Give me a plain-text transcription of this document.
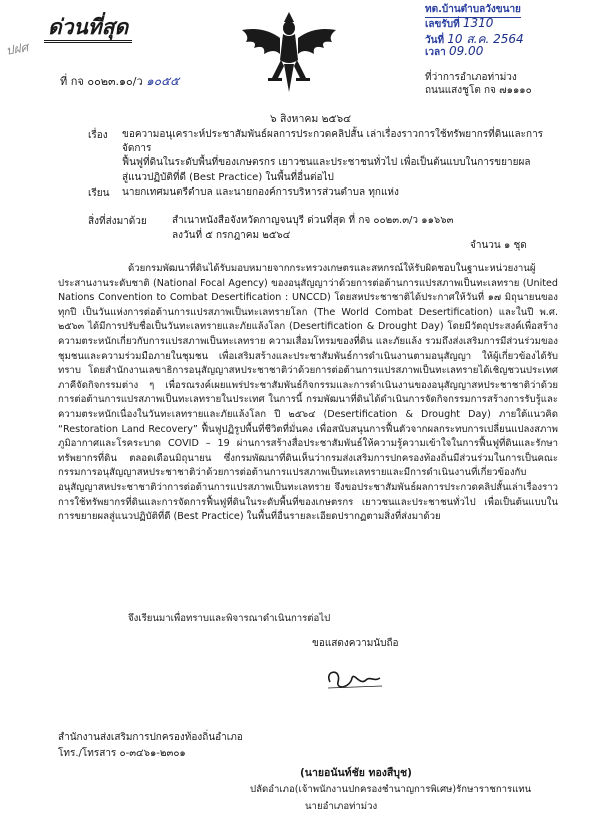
ปฝศ
ด่วนที่สุด
ที่ กจ ๐๐๒๓.๑๐/ว ๑๐๕๕
ทต.บ้านตำบลวังขนาย
เลขรับที่ 1310
วันที่ 10 ส.ค. 2564
เวลา 09.00
ที่ว่าการอำเภอท่าม่วง
ถนนแสงชูโต กจ ๗๑๑๑๐
๖ สิงหาคม ๒๕๖๔
เรื่อง ขอความอนุเคราะห์ประชาสัมพันธ์ผลการประกวดคลิปสั้น เล่าเรื่องราวการใช้ทรัพยากรที่ดินและการจัดการ
ฟื้นฟูที่ดินในระดับพื้นที่ของเกษตรกร เยาวชนและประชาชนทั่วไป เพื่อเป็นต้นแบบในการขยายผล
สู่แนวปฏิบัติที่ดี (Best Practice) ในพื้นที่อื่นต่อไป
เรียน นายกเทศมนตรีตำบล และนายกองค์การบริหารส่วนตำบล ทุกแห่ง
สิ่งที่ส่งมาด้วย	สำเนาหนังสือจังหวัดกาญจนบุรี ด่วนที่สุด ที่ กจ ๐๐๒๓.๓/ว ๑๑๖๖๓
ลงวันที่ ๕ กรกฎาคม ๒๕๖๔
จำนวน ๑ ชุด
ด้วยกรมพัฒนาที่ดินได้รับมอบหมายจากกระทรวงเกษตรและสหกรณ์ให้รับผิดชอบในฐานะหน่วยงานผู้ประสานงานระดับชาติ (National Focal Agency) ของอนุสัญญาว่าด้วยการต่อต้านการแปรสภาพเป็นทะเลทราย (United Nations Convention to Combat Desertification : UNCCD) โดยสหประชาชาติได้ประกาศให้วันที่ ๑๗ มิถุนายนของทุกปี เป็นวันแห่งการต่อต้านการแปรสภาพเป็นทะเลทรายโลก (The World Combat Desertification) และในปี พ.ศ. ๒๕๖๓ ได้มีการปรับชื่อเป็นวันทะเลทรายและภัยแล้งโลก (Desertification & Drought Day) โดยมีวัตถุประสงค์เพื่อสร้างความตระหนักเกี่ยวกับการแปรสภาพเป็นทะเลทราย ความเสื่อมโทรมของที่ดิน และภัยแล้ง รวมถึงส่งเสริมการมีส่วนร่วมของชุมชนและความร่วมมือภายในชุมชน เพื่อเสริมสร้างและประชาสัมพันธ์การดำเนินงานตามอนุสัญญา ให้ผู้เกี่ยวข้องได้รับทราบ โดยสำนักงานเลขาธิการอนุสัญญาสหประชาชาติว่าด้วยการต่อต้านการแปรสภาพเป็นทะเลทรายได้เชิญชวนประเทศภาคีจัดกิจกรรมต่าง ๆ เพื่อรณรงค์เผยแพร่ประชาสัมพันธ์กิจกรรมและการดำเนินงานของอนุสัญญาสหประชาชาติว่าด้วยการต่อต้านการแปรสภาพเป็นทะเลทรายในประเทศ ในการนี้ กรมพัฒนาที่ดินได้ดำเนินการจัดกิจกรรมการสร้างการรับรู้และความตระหนักเนื่องในวันทะเลทรายและภัยแล้งโลก ปี ๒๕๖๔ (Desertification & Drought Day) ภายใต้แนวคิด “Restoration Land Recovery” ฟื้นฟูปฏิรูปพื้นที่ชีวิตที่มั่นคง เพื่อสนับสนุนการฟื้นตัวจากผลกระทบการเปลี่ยนแปลงสภาพภูมิอากาศและโรคระบาด COVID – 19 ผ่านการสร้างสื่อประชาสัมพันธ์ให้ความรู้ความเข้าใจในการฟื้นฟูที่ดินและรักษาทรัพยากรที่ดิน ตลอดเดือนมิถุนายน ซึ่งกรมพัฒนาที่ดินเห็นว่ากรมส่งเสริมการปกครองท้องถิ่นมีส่วนร่วมในการเป็นคณะกรรมการอนุสัญญาสหประชาชาติว่าด้วยการต่อต้านการแปรสภาพเป็นทะเลทรายและมีการดำเนินงานที่เกี่ยวข้องกับอนุสัญญาสหประชาชาติว่าการต่อต้านการแปรสภาพเป็นทะเลทราย จึงขอประชาสัมพันธ์ผลการประกวดคลิปสั้นเล่าเรื่องราวการใช้ทรัพยากรที่ดินและการจัดการฟื้นฟูที่ดินในระดับพื้นที่ของเกษตรกร เยาวชนและประชาชนทั่วไป เพื่อเป็นต้นแบบในการขยายผลสู่แนวปฏิบัติที่ดี (Best Practice) ในพื้นที่อื่นรายละเอียดปรากฏตามสิ่งที่ส่งมาด้วย
จึงเรียนมาเพื่อทราบและพิจารณาดำเนินการต่อไป
ขอแสดงความนับถือ
(นายอนันท์ชัย ทองสืบุช)
ปลัดอำเภอ(เจ้าพนักงานปกครองชำนาญการพิเศษ)รักษาราชการแทน
นายอำเภอท่าม่วง
สำนักงานส่งเสริมการปกครองท้องถิ่นอำเภอ
โทร./โทรสาร ๐-๓๔๖๑-๒๓๐๑
